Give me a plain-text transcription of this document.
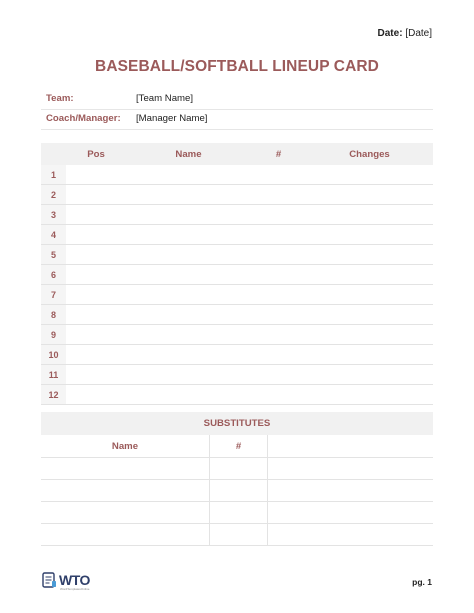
Date: [Date]
BASEBALL/SOFTBALL LINEUP CARD
Team:	[Team Name]
Coach/Manager: [Manager Name]
	Pos	Name	#	Changes
1				
2				
3				
4				
5				
6				
7				
8				
9				
10				
11				
12				
SUBSTITUTES		
Name	#	

WTO
WordTemplatesOnline
pg. 1
